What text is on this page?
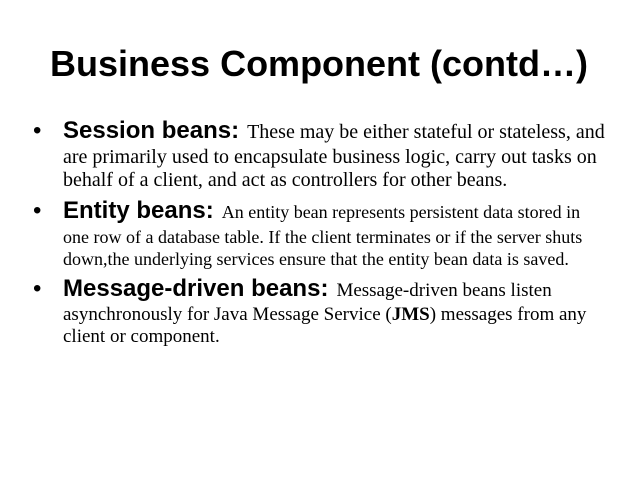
Business Component (contd…)
• Session beans: These may be either stateful or stateless, and are primarily used to encapsulate business logic, carry out tasks on behalf of a client, and act as controllers for other beans.
• Entity beans: An entity bean represents persistent data stored in one row of a database table. If the client terminates or if the server shuts down,the underlying services ensure that the entity bean data is saved.
• Message-driven beans: Message-driven beans listen asynchronously for Java Message Service (JMS) messages from any client or component.
